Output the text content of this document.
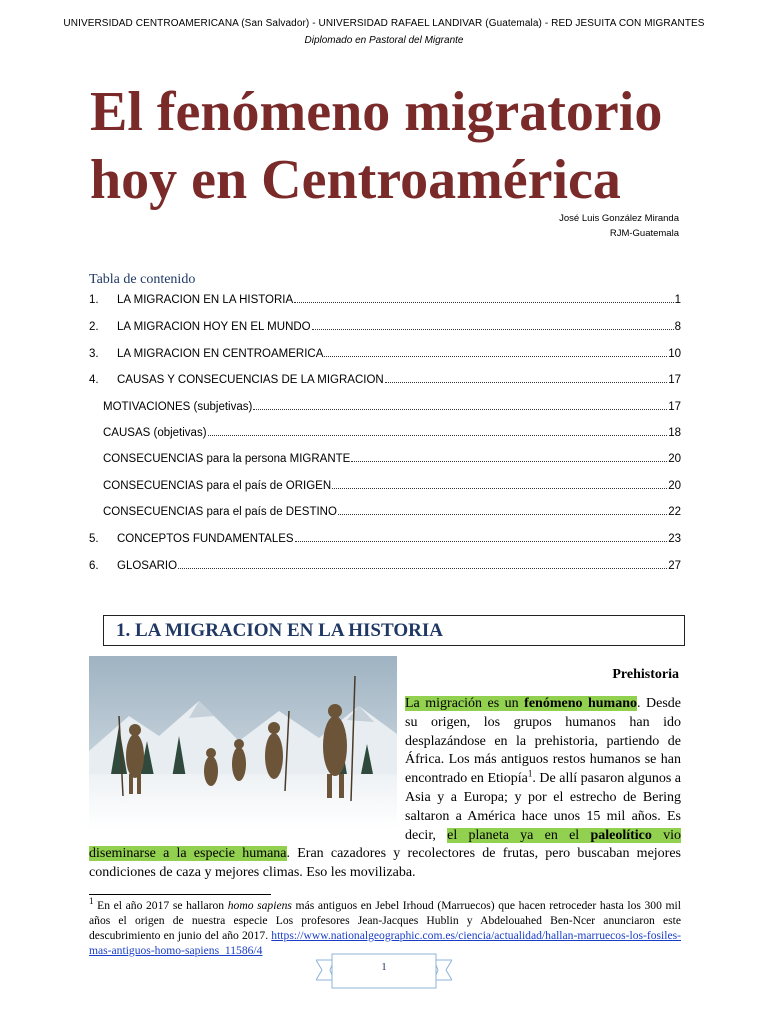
UNIVERSIDAD CENTROAMERICANA (San Salvador) - UNIVERSIDAD RAFAEL LANDIVAR (Guatemala) - RED JESUITA CON MIGRANTES
Diplomado en Pastoral del Migrante
El fenómeno migratorio
hoy en Centroamérica
José Luis González Miranda
RJM-Guatemala
Tabla de contenido
1.	LA MIGRACION EN LA HISTORIA	1
2.	LA MIGRACION HOY EN EL MUNDO	8
3.	LA MIGRACION EN CENTROAMERICA	10
4.	CAUSAS Y CONSECUENCIAS DE LA MIGRACION	17
MOTIVACIONES (subjetivas)	17
CAUSAS (objetivas)	18
CONSECUENCIAS para la persona MIGRANTE	20
CONSECUENCIAS para el país de ORIGEN	20
CONSECUENCIAS para el país de DESTINO	22
5.	CONCEPTOS FUNDAMENTALES	23
6.	GLOSARIO	27
1. LA MIGRACION EN LA HISTORIA
Prehistoria
La migración es un fenómeno humano. Desde su origen, los grupos humanos han ido desplazándose en la prehistoria, partiendo de África. Los más antiguos restos humanos se han encontrado en Etiopía$^1$. De allí pasaron algunos a Asia y a Europa; y por el estrecho de Bering saltaron a América hace unos 15 mil años. Es decir, el planeta ya en el paleolítico vio diseminarse a la especie humana. Eran cazadores y recolectores de frutas, pero buscaban mejores condiciones de caza y mejores climas. Eso les movilizaba.
$^1$ En el año 2017 se hallaron homo sapiens más antiguos en Jebel Irhoud (Marruecos) que hacen retroceder hasta los 300 mil años el origen de nuestra especie Los profesores Jean-Jacques Hublin y Abdelouahed Ben-Ncer anunciaron este descubrimiento en junio del año 2017. https://www.nationalgeographic.com.es/ciencia/actualidad/hallan-marruecos-los-fosiles-mas-antiguos-homo-sapiens_11586/4
1
